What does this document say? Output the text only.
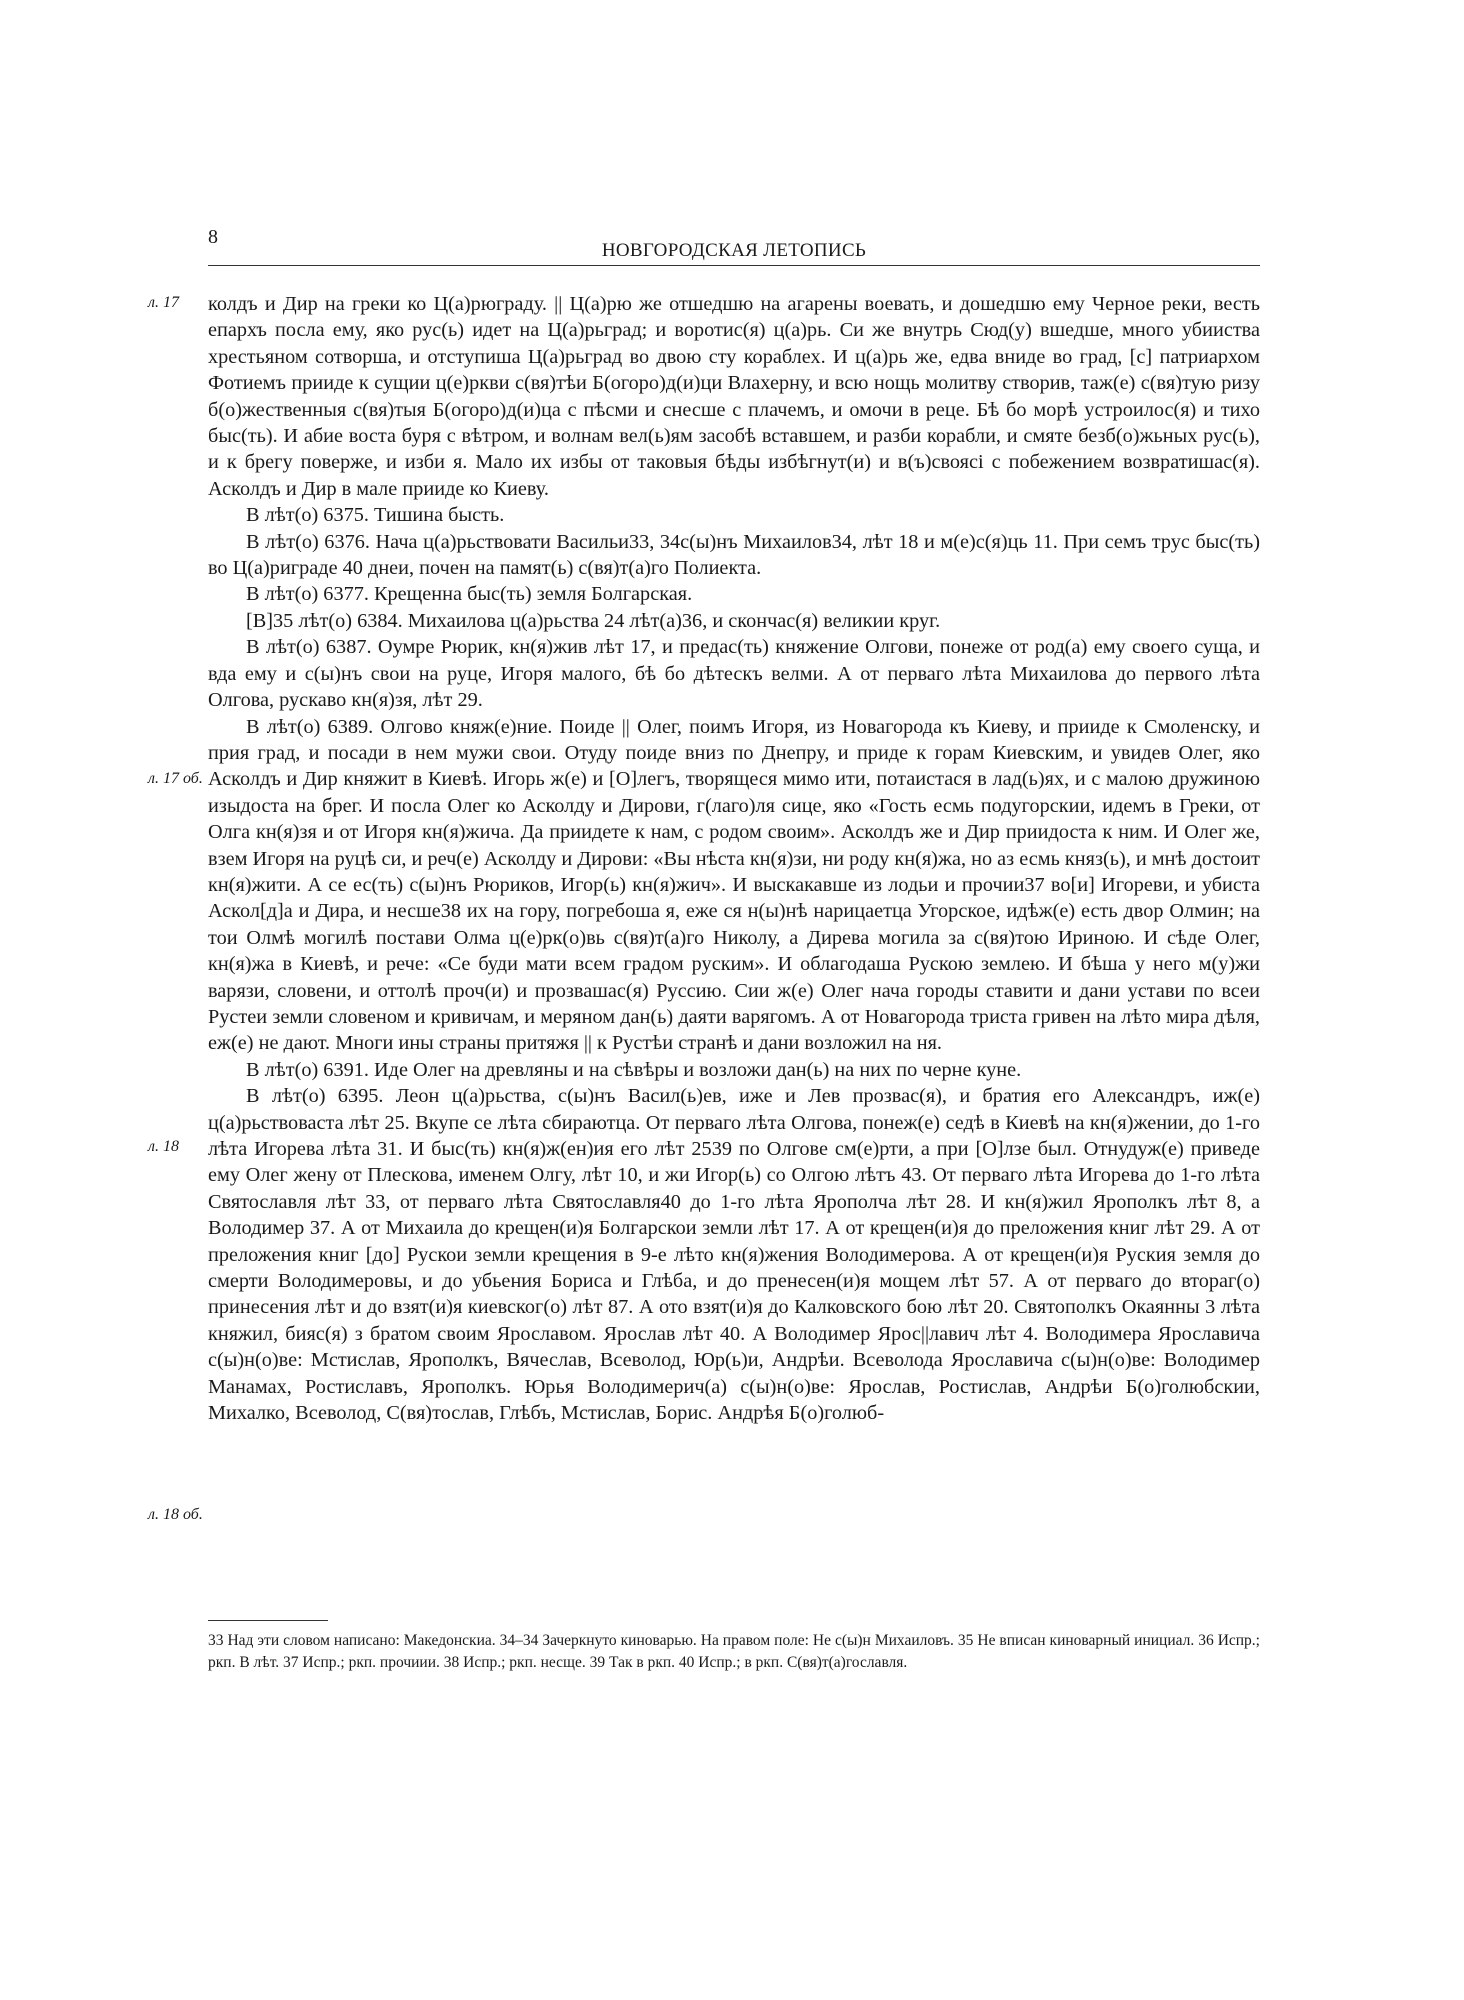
8
НОВГОРОДСКАЯ ЛЕТОПИСЬ
л. 17
л. 17 об.
л. 18
л. 18 об.

колдъ и Дир на греки ко Ц(а)рюграду. || Ц(а)рю же отшедшю на агарены воевать, и дошедшю ему Черное реки, весть епархъ посла ему, яко рус(ь) идет на Ц(а)рьград; и воротис(я) ц(а)рь. Си же внутрь Сюд(у) вшедше, много убииства хрестьяном сотворша, и отступиша Ц(а)рьград во двою сту кораблех. И ц(а)рь же, едва вниде во град, [с] патриархом Фотиемъ прииде к сущии ц(е)ркви с(вя)тѣи Б(огоро)д(и)ци Влахерну, и всю нощь молитву створив, таж(е) с(вя)тую ризу б(о)жественныя с(вя)тыя Б(огоро)д(и)ца с пѣсми и снесше с плачемъ, и омочи в реце. Бѣ бо морѣ устроилос(я) и тихо быс(ть). И абие воста буря с вѣтром, и волнам вел(ь)ям засобѣ вставшем, и разби корабли, и смяте безб(о)жьных рус(ь), и к брегу поверже, и изби я. Мало их избы от таковыя бѣды избѣгнут(и) и в(ъ)своясі с побежением возвратишас(я). Асколдъ и Дир в мале прииде ко Киеву.

В лѣт(о) 6375. Тишина бысть.

В лѣт(о) 6376. Нача ц(а)рьствовати Васильи33, 34с(ы)нъ Михаилов34, лѣт 18 и м(е)с(я)ць 11. При семъ трус быс(ть) во Ц(а)риграде 40 днеи, почен на памят(ь) с(вя)т(а)го Полиекта.

В лѣт(о) 6377. Крещенна быс(ть) земля Болгарская.

[В]35 лѣт(о) 6384. Михаилова ц(а)рьства 24 лѣт(а)36, и скончас(я) великии круг.

В лѣт(о) 6387. Оумре Рюрик, кн(я)жив лѣт 17, и предас(ть) княжение Олгови, понеже от род(а) ему своего суща, и вда ему и с(ы)нъ свои на руце, Игоря малого, бѣ бо дѣтескъ велми. А от перваго лѣта Михаилова до первого лѣта Олгова, рускаво кн(я)зя, лѣт 29.

В лѣт(о) 6389. Олгово княж(е)ние. Поиде || Олег, поимъ Игоря, из Новагорода къ Киеву, и прииде к Смоленску, и прия град, и посади в нем мужи свои. Отуду поиде вниз по Днепру, и приде к горам Киевским, и увидев Олег, яко Асколдъ и Дир княжит в Киевѣ. Игорь ж(е) и [О]легъ, творящеся мимо ити, потаистася в лад(ь)ях, и с малою дружиною изыдоста на брег. И посла Олег ко Асколду и Дирови, г(лаго)ля сице, яко «Гость есмь подугорскии, идемъ в Греки, от Олга кн(я)зя и от Игоря кн(я)жича. Да приидете к нам, с родом своим». Асколдъ же и Дир приидоста к ним. И Олег же, взем Игоря на руцѣ си, и реч(е) Асколду и Дирови: «Вы нѣста кн(я)зи, ни роду кн(я)жа, но аз есмь княз(ь), и мнѣ достоит кн(я)жити. А се ес(ть) с(ы)нъ Рюриков, Игор(ь) кн(я)жич». И выскакавше из лодьи и прочии37 во[и] Игореви, и убиста Аскол[д]а и Дира, и несше38 их на гору, погребоша я, еже ся н(ы)нѣ нарицаетца Угорское, идѣж(е) есть двор Олмин; на тои Олмѣ могилѣ постави Олма ц(е)рк(о)вь с(вя)т(а)го Николу, а Дирева могила за с(вя)тою Ириною. И сѣде Олег, кн(я)жа в Киевѣ, и рече: «Се буди мати всем градом руским». И облагодаша Рускою землею. И бѣша у него м(у)жи варязи, словени, и оттолѣ проч(и) и прозвашас(я) Руссию. Сии ж(е) Олег нача городы ставити и дани устави по всеи Рустеи земли словеном и кривичам, и меряном дан(ь) даяти варягомъ. А от Новагорода триста гривен на лѣто мира дѣля, еж(е) не дают. Многи ины страны притяжя || к Рустѣи странѣ и дани возложил на ня.

В лѣт(о) 6391. Иде Олег на древляны и на сѣвѣры и возложи дан(ь) на них по черне куне.

В лѣт(о) 6395. Леон ц(а)рьства, с(ы)нъ Васил(ь)ев, иже и Лев прозвас(я), и братия его Александръ, иж(е) ц(а)рьствоваста лѣт 25. Вкупе се лѣта сбираютца. От перваго лѣта Олгова, понеж(е) седѣ в Киевѣ на кн(я)жении, до 1-го лѣта Игорева лѣта 31. И быс(ть) кн(я)ж(ен)ия его лѣт 2539 по Олгове см(е)рти, а при [О]лзе был. Отнудуж(е) приведе ему Олег жену от Плескова, именем Олгу, лѣт 10, и жи Игор(ь) со Олгою лѣтъ 43. От перваго лѣта Игорева до 1-го лѣта Святославля лѣт 33, от перваго лѣта Святославля40 до 1-го лѣта Ярополча лѣт 28. И кн(я)жил Ярополкъ лѣт 8, а Володимер 37. А от Михаила до крещен(и)я Болгарскои земли лѣт 17. А от крещен(и)я до преложения книг лѣт 29. А от преложения книг [до] Рускои земли крещения в 9-е лѣто кн(я)жения Володимерова. А от крещен(и)я Руския земля до смерти Володимеровы, и до убьения Бориса и Глѣба, и до пренесен(и)я мощем лѣт 57. А от перваго до втораг(о) принесения лѣт и до взят(и)я киевског(о) лѣт 87. А ото взят(и)я до Калковского бою лѣт 20. Святополкъ Окаянны 3 лѣта княжил, бияс(я) з братом своим Ярославом. Ярослав лѣт 40. А Володимер Ярос||лавич лѣт 4. Володимера Ярославича с(ы)н(о)ве: Мстислав, Ярополкъ, Вячеслав, Всеволод, Юр(ь)и, Андрѣи. Всеволода Ярославича с(ы)н(о)ве: Володимер Манамах, Ростиславъ, Ярополкъ. Юрья Володимерич(а) с(ы)н(о)ве: Ярослав, Ростислав, Андрѣи Б(о)голюбскии, Михалко, Всеволод, С(вя)тослав, Глѣбъ, Мстислав, Борис. Андрѣя Б(о)голюб-

33 Над эти словом написано: Македонскиа. 34–34 Зачеркнуто киноварью. На правом поле: Не с(ы)н Михаиловъ. 35 Не вписан киноварный инициал. 36 Испр.; ркп. В лѣт. 37 Испр.; ркп. прочиии. 38 Испр.; ркп. несще. 39 Так в ркп. 40 Испр.; в ркп. С(вя)т(а)гославля.
